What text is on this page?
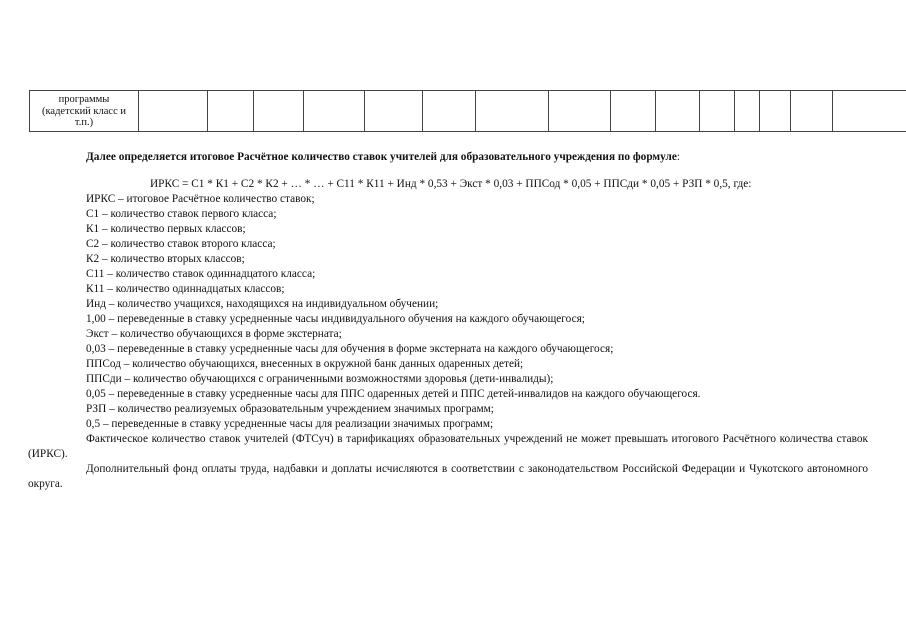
программы
(кадетский класс и
т.п.)

Далее определяется итоговое Расчётное количество ставок учителей для образовательного учреждения по формуле:

ИРКС = С1 * К1 + С2 * К2 + … * … + С11 * К11 + Инд * 0,53 + Экст * 0,03 + ППСод * 0,05 + ППСди * 0,05 + РЗП * 0,5, где:

ИРКС – итоговое Расчётное количество ставок;

С1 – количество ставок первого класса;

К1 – количество первых классов;

С2 – количество ставок второго класса;

К2 – количество вторых классов;

С11 – количество ставок одиннадцатого класса;

К11 – количество одиннадцатых классов;

Инд – количество учащихся, находящихся на индивидуальном обучении;

1,00 – переведенные в ставку усредненные часы индивидуального обучения на каждого обучающегося;

Экст – количество обучающихся в форме экстерната;

0,03 – переведенные в ставку усредненные часы для обучения в форме экстерната на каждого обучающегося;

ППСод – количество обучающихся, внесенных в окружной банк данных одаренных детей;

ППСди – количество обучающихся с ограниченными возможностями здоровья (дети-инвалиды);

0,05 – переведенные в ставку усредненные часы для ППС одаренных детей и ППС детей-инвалидов на каждого обучающегося.

РЗП – количество реализуемых образовательным учреждением значимых программ;

0,5 – переведенные в ставку усредненные часы для реализации значимых программ;

Фактическое количество ставок учителей (ФТСуч) в тарификациях образовательных учреждений не может превышать итогового Расчётного количества ставок (ИРКС).

Дополнительный фонд оплаты труда, надбавки и доплаты исчисляются в соответствии с законодательством Российской Федерации и Чукотского автономного округа.
